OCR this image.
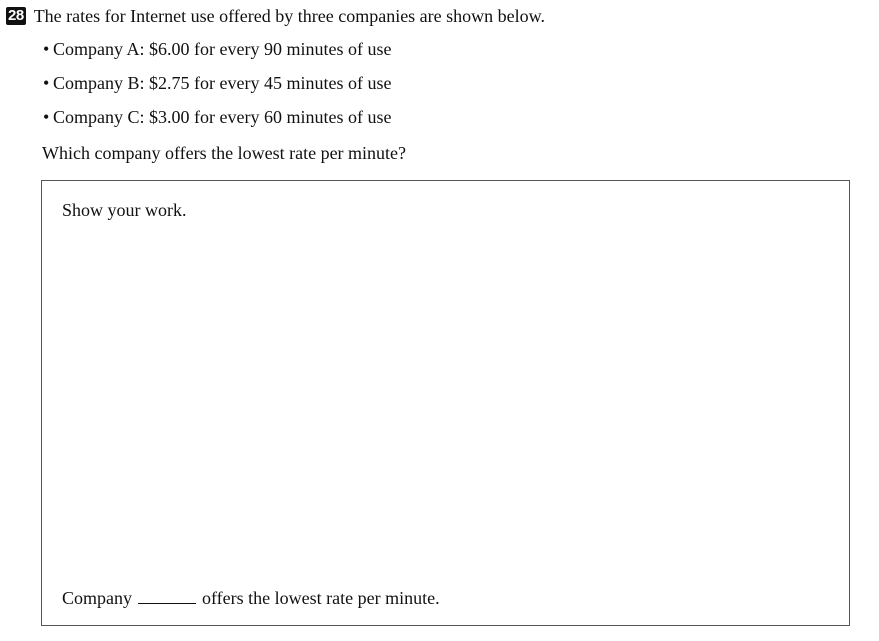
28 The rates for Internet use offered by three companies are shown below.
• Company A: $6.00 for every 90 minutes of use
• Company B: $2.75 for every 45 minutes of use
• Company C: $3.00 for every 60 minutes of use
Which company offers the lowest rate per minute?
Show your work.
Company	offers the lowest rate per minute.
